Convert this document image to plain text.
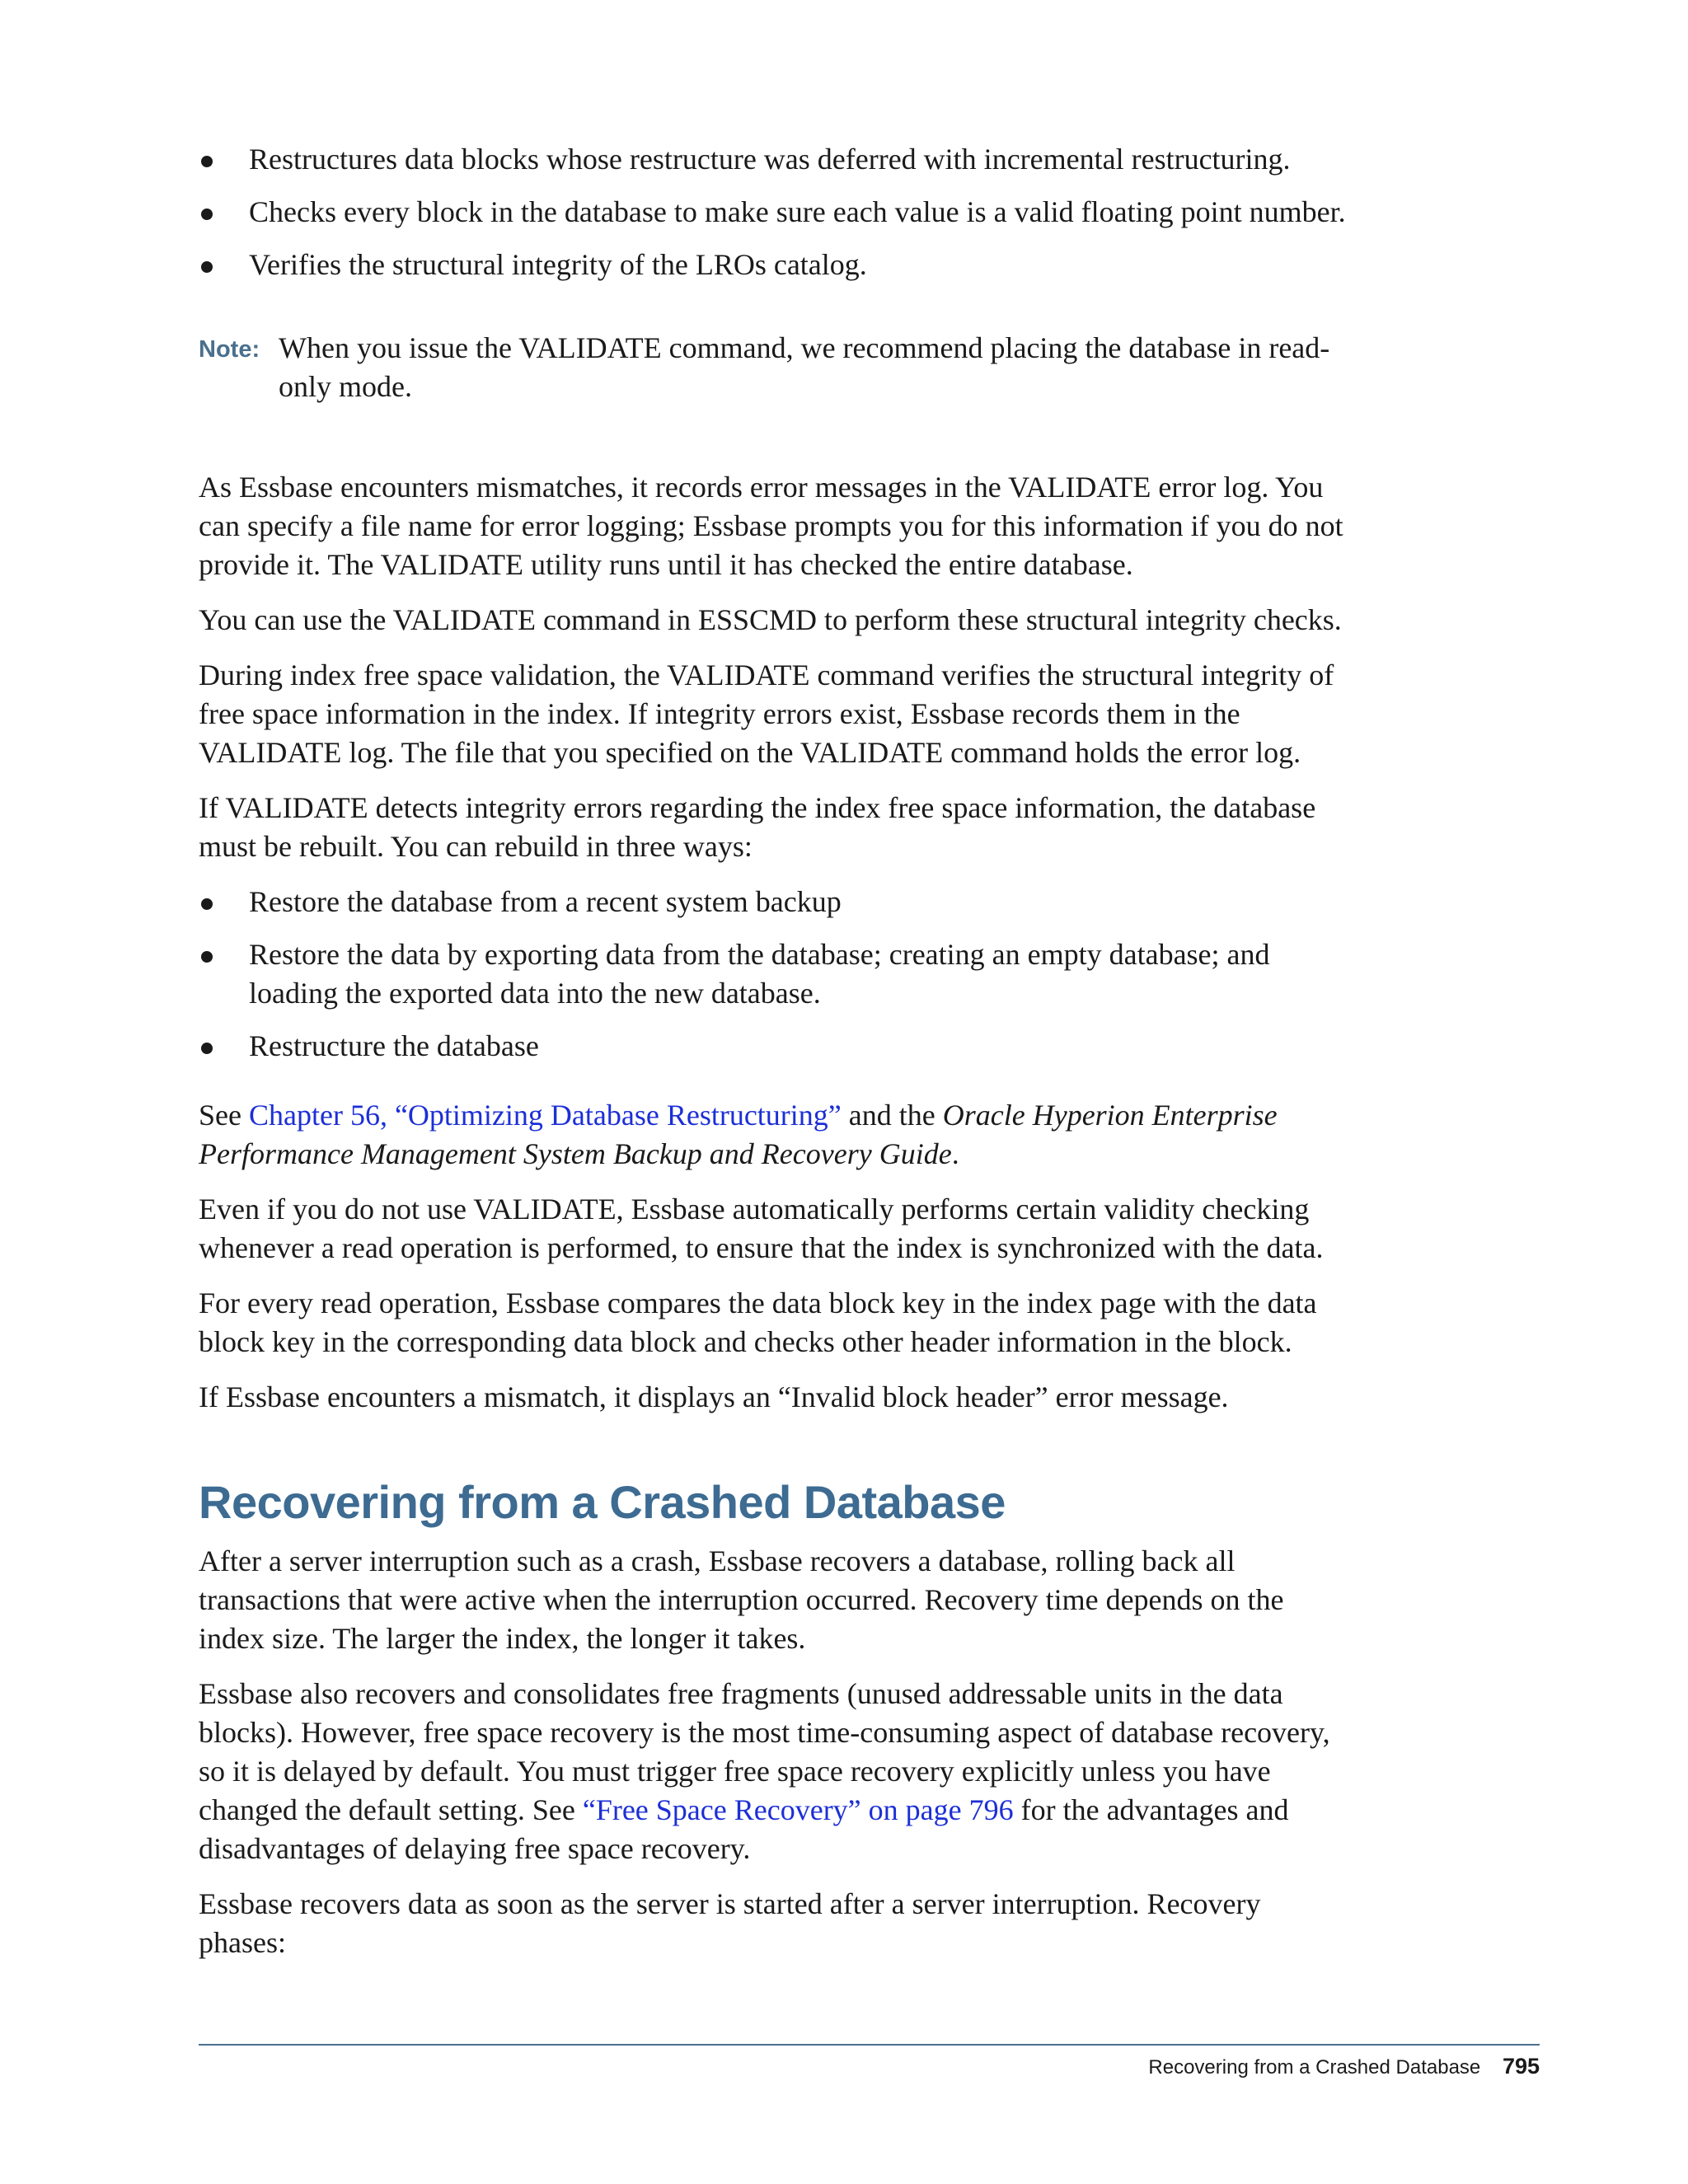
Restructures data blocks whose restructure was deferred with incremental restructuring.
Checks every block in the database to make sure each value is a valid floating point number.
Verifies the structural integrity of the LROs catalog.
Note: When you issue the VALIDATE command, we recommend placing the database in read-only mode.

As Essbase encounters mismatches, it records error messages in the VALIDATE error log. You can specify a file name for error logging; Essbase prompts you for this information if you do not provide it. The VALIDATE utility runs until it has checked the entire database.

You can use the VALIDATE command in ESSCMD to perform these structural integrity checks.

During index free space validation, the VALIDATE command verifies the structural integrity of free space information in the index. If integrity errors exist, Essbase records them in the VALIDATE log. The file that you specified on the VALIDATE command holds the error log.

If VALIDATE detects integrity errors regarding the index free space information, the database must be rebuilt. You can rebuild in three ways:

Restore the database from a recent system backup
Restore the data by exporting data from the database; creating an empty database; and loading the exported data into the new database.
Restructure the database

See Chapter 56, “Optimizing Database Restructuring” and the Oracle Hyperion Enterprise Performance Management System Backup and Recovery Guide.

Even if you do not use VALIDATE, Essbase automatically performs certain validity checking whenever a read operation is performed, to ensure that the index is synchronized with the data.

For every read operation, Essbase compares the data block key in the index page with the data block key in the corresponding data block and checks other header information in the block.

If Essbase encounters a mismatch, it displays an “Invalid block header” error message.

Recovering from a Crashed Database

After a server interruption such as a crash, Essbase recovers a database, rolling back all transactions that were active when the interruption occurred. Recovery time depends on the index size. The larger the index, the longer it takes.

Essbase also recovers and consolidates free fragments (unused addressable units in the data blocks). However, free space recovery is the most time-consuming aspect of database recovery, so it is delayed by default. You must trigger free space recovery explicitly unless you have changed the default setting. See “Free Space Recovery” on page 796 for the advantages and disadvantages of delaying free space recovery.

Essbase recovers data as soon as the server is started after a server interruption. Recovery phases:

Recovering from a Crashed Database 795
